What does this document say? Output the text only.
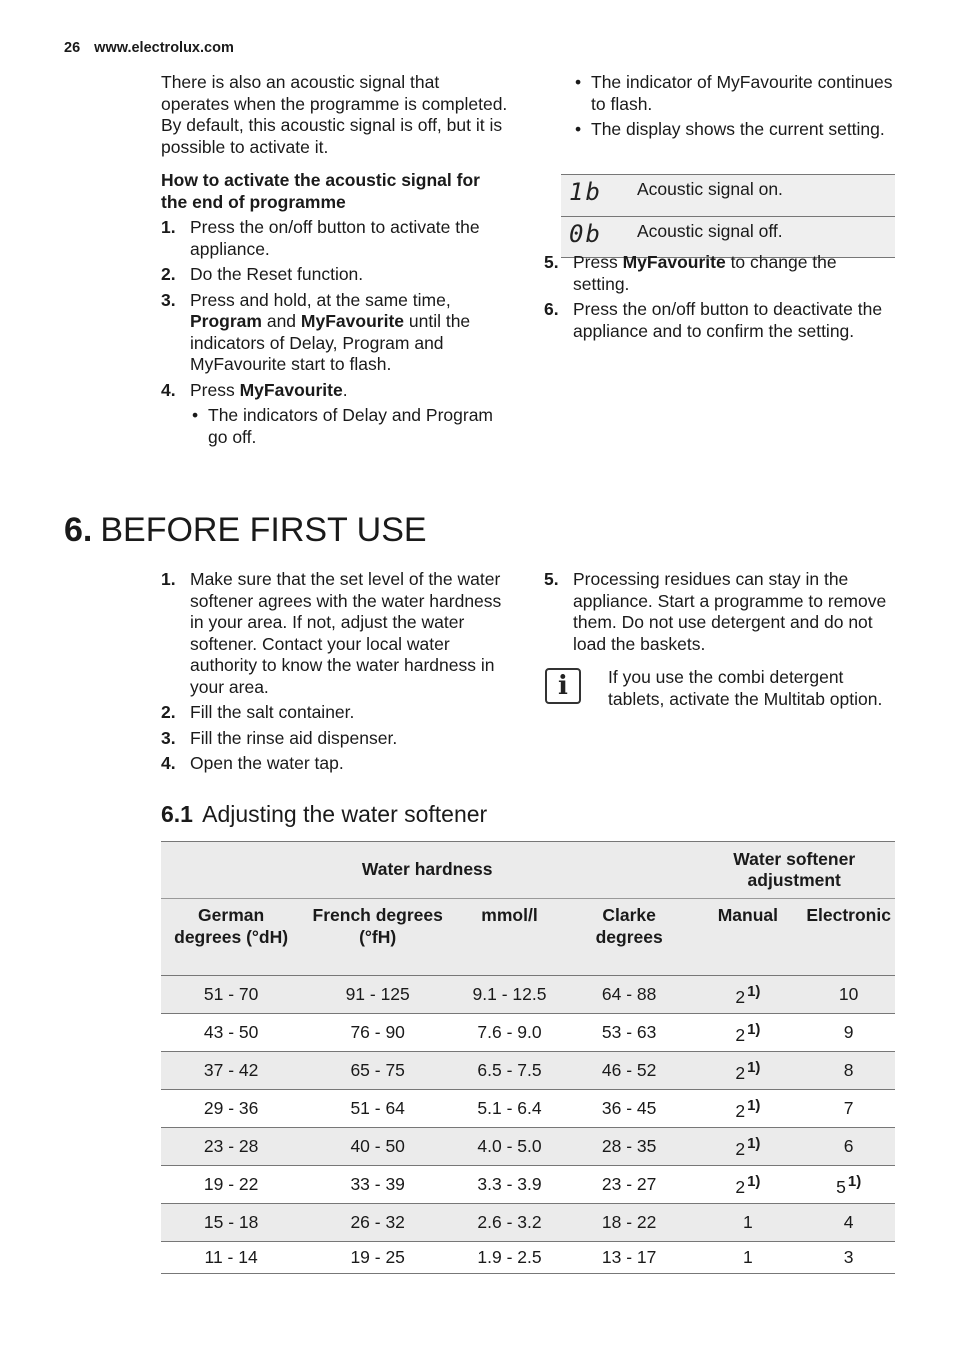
26 www.electrolux.com

There is also an acoustic signal that operates when the programme is completed. By default, this acoustic signal is off, but it is possible to activate it.

How to activate the acoustic signal for the end of programme

1. Press the on/off button to activate the appliance.
2. Do the Reset function.
3. Press and hold, at the same time, Program and MyFavourite until the indicators of Delay, Program and MyFavourite start to flash.
4. Press MyFavourite.
• The indicators of Delay and Program go off.
• The indicator of MyFavourite continues to flash.
• The display shows the current setting.
1b	Acoustic signal on.
0b	Acoustic signal off.
5. Press MyFavourite to change the setting.
6. Press the on/off button to deactivate the appliance and to confirm the setting.
6. BEFORE FIRST USE
1. Make sure that the set level of the water softener agrees with the water hardness in your area. If not, adjust the water softener. Contact your local water authority to know the water hardness in your area.
2. Fill the salt container.
3. Fill the rinse aid dispenser.
4. Open the water tap.
5. Processing residues can stay in the appliance. Start a programme to remove them. Do not use detergent and do not load the baskets.
i	If you use the combi detergent tablets, activate the Multitab option.
6.1 Adjusting the water softener
Water hardness				Water softener adjustment	
German degrees (°dH)	French degrees (°fH)	mmol/l	Clarke degrees	Manual	Electronic
51 - 70	91 - 125	9.1 - 12.5	64 - 88	2 $^{1)}$	10
43 - 50	76 - 90	7.6 - 9.0	53 - 63	2 $^{1)}$	9
37 - 42	65 - 75	6.5 - 7.5	46 - 52	2 $^{1)}$	8
29 - 36	51 - 64	5.1 - 6.4	36 - 45	2 $^{1)}$	7
23 - 28	40 - 50	4.0 - 5.0	28 - 35	2 $^{1)}$	6
19 - 22	33 - 39	3.3 - 3.9	23 - 27	2 $^{1)}$	5 $^{1)}$
15 - 18	26 - 32	2.6 - 3.2	18 - 22	1	4
11 - 14	19 - 25	1.9 - 2.5	13 - 17	1	3
